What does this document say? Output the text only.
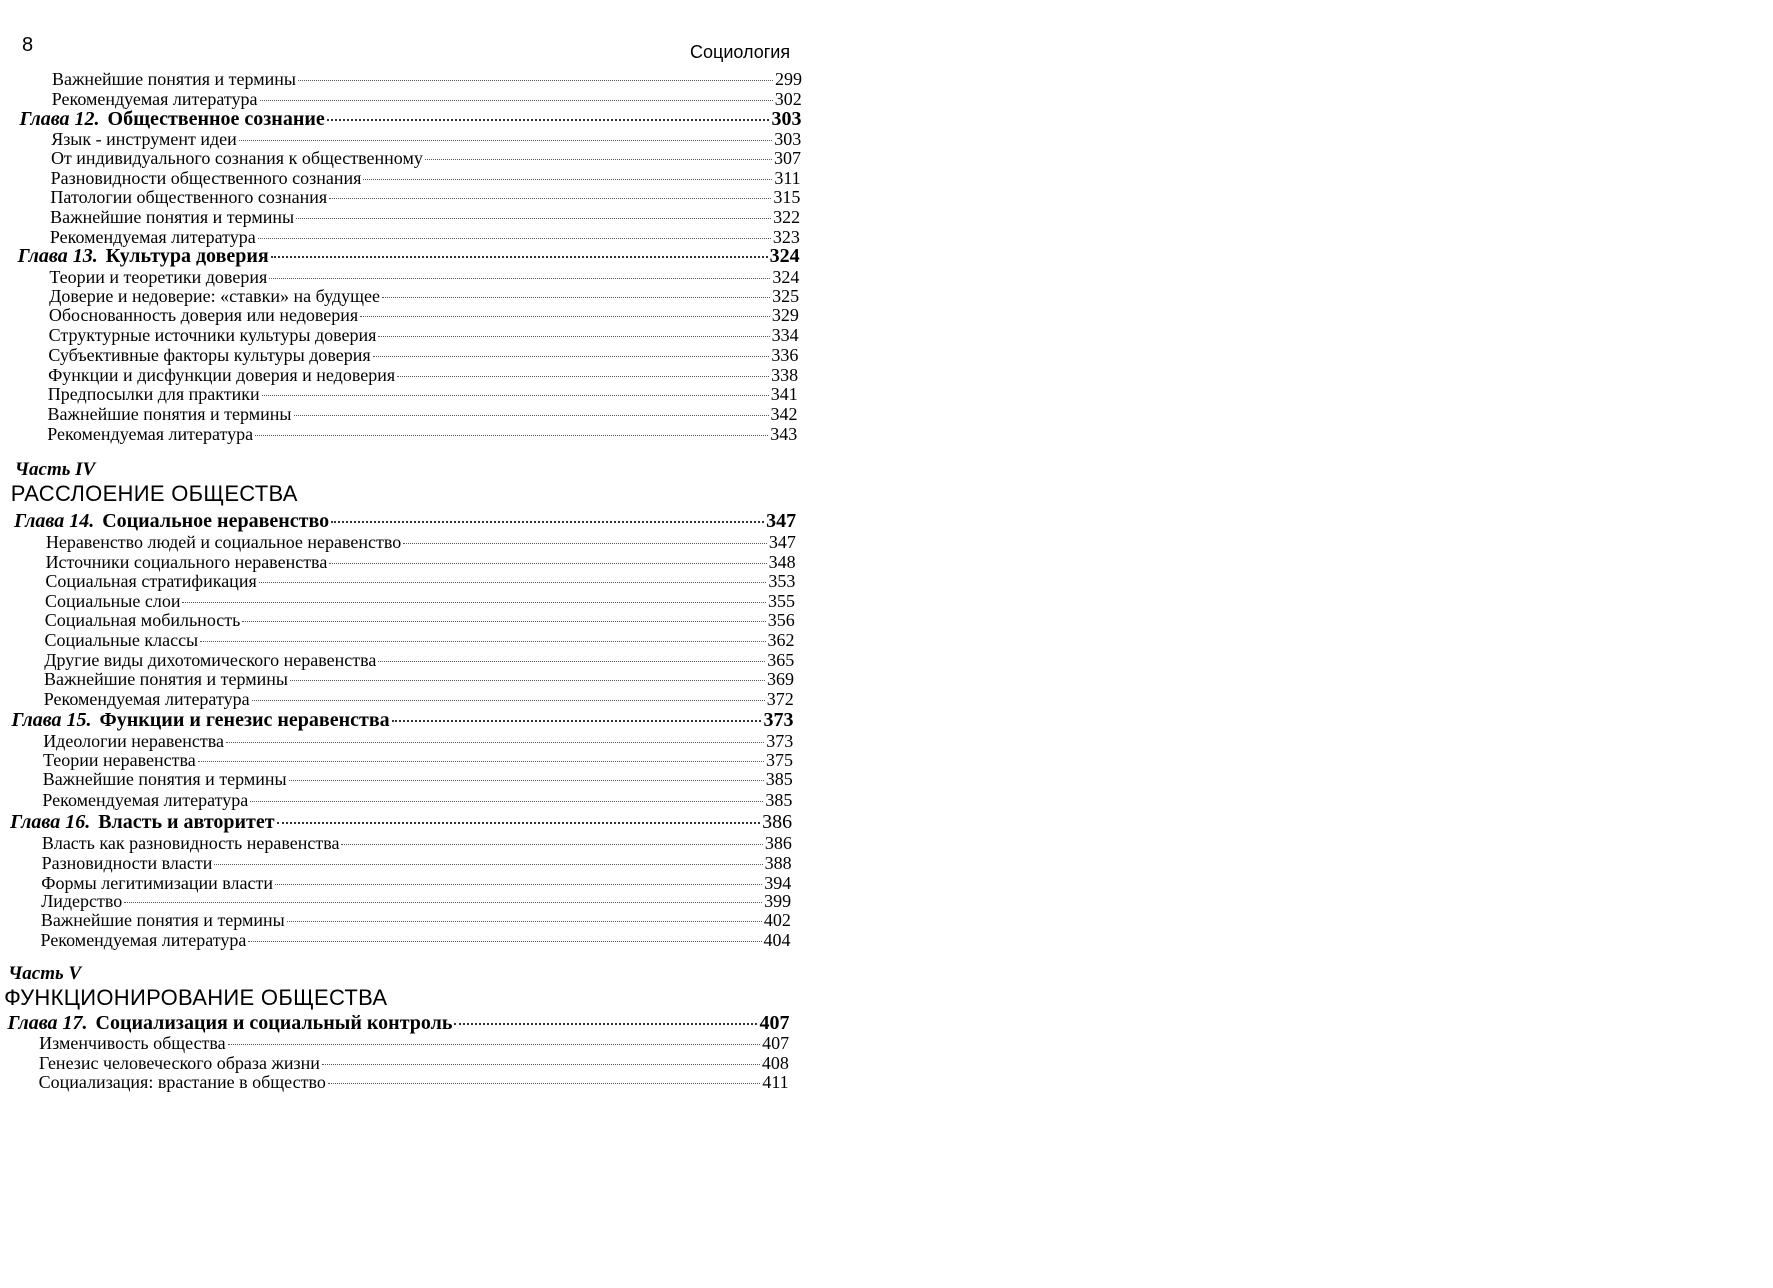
8	Социология
Важнейшие понятия и термины	299
Рекомендуемая литература	302
Глава 12. Общественное сознание	303
Язык - инструмент идеи	303
От индивидуального сознания к общественному	307
Разновидности общественного сознания	311
Патологии общественного сознания	315
Важнейшие понятия и термины	322
Рекомендуемая литература	323
Глава 13. Культура доверия	324
Теории и теоретики доверия	324
Доверие и недоверие: «ставки» на будущее	325
Обоснованность доверия или недоверия	329
Структурные источники культуры доверия	334
Субъективные факторы культуры доверия	336
Функции и дисфункции доверия и недоверия	338
Предпосылки для практики	341
Важнейшие понятия и термины	342
Рекомендуемая литература	343
Часть IV
РАССЛОЕНИЕ ОБЩЕСТВА
Глава 14. Социальное неравенство	347
Неравенство людей и социальное неравенство	347
Источники социального неравенства	348
Социальная стратификация	353
Социальные слои	355
Социальная мобильность	356
Социальные классы	362
Другие виды дихотомического неравенства	365
Важнейшие понятия и термины	369
Рекомендуемая литература	372
Глава 15. Функции и генезис неравенства	373
Идеологии неравенства	373
Теории неравенства	375
Важнейшие понятия и термины	385
Рекомендуемая литература	385
Глава 16. Власть и авторитет	386
Власть как разновидность неравенства	386
Разновидности власти	388
Формы легитимизации власти	394
Лидерство	399
Важнейшие понятия и термины	402
Рекомендуемая литература	404
Часть V
ФУНКЦИОНИРОВАНИЕ ОБЩЕСТВА
Глава 17. Социализация и социальный контроль	407
Изменчивость общества	407
Генезис человеческого образа жизни	408
Социализация: врастание в общество	411
